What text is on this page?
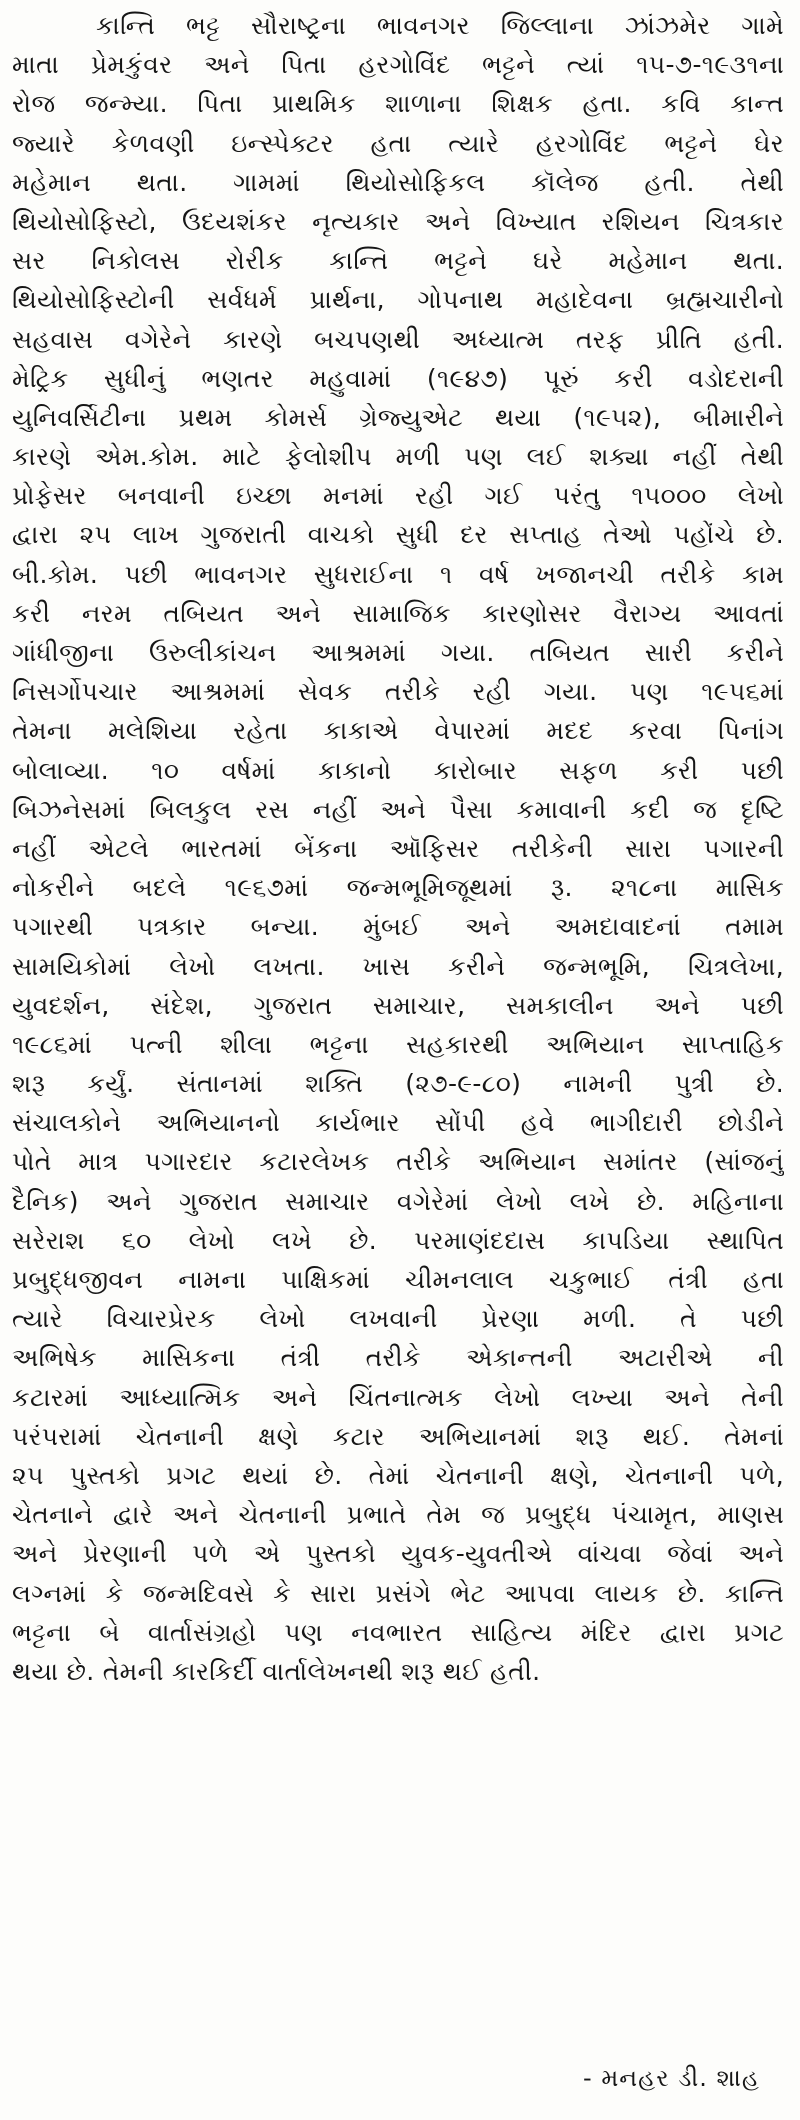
કાન્તિ ભટ્ટ સૌરાષ્ટ્રના ભાવનગર જિલ્લાના ઝાંઝમેર ગામે
માતા પ્રેમકુંવર અને પિતા હરગોવિંદ ભટ્ટને ત્યાં ૧૫-૭-૧૯૩૧ના
રોજ જન્મ્યા. પિતા પ્રાથમિક શાળાના શિક્ષક હતા. કવિ કાન્ત
જ્યારે કેળવણી ઇન્સ્પેક્ટર હતા ત્યારે હરગોવિંદ ભટ્ટને ઘેર
મહેમાન થતા. ગામમાં થિયોસોફિકલ કૉલેજ હતી. તેથી
થિયોસોફિસ્ટો, ઉદયશંકર નૃત્યકાર અને વિખ્યાત રશિયન ચિત્રકાર
સર નિકોલસ રોરીક કાન્તિ ભટ્ટને ઘરે મહેમાન થતા.
થિયોસોફિસ્ટોની સર્વધર્મ પ્રાર્થના, ગોપનાથ મહાદેવના બ્રહ્મચારીનો
સહવાસ વગેરેને કારણે બચપણથી અધ્યાત્મ તરફ પ્રીતિ હતી.
મેટ્રિક સુધીનું ભણતર મહુવામાં (૧૯૪૭) પૂરું કરી વડોદરાની
યુનિવર્સિટીના પ્રથમ કોમર્સ ગ્રેજ્યુએટ થયા (૧૯૫૨), બીમારીને
કારણે એમ.કોમ. માટે ફેલોશીપ મળી પણ લઈ શક્યા નહીં તેથી
પ્રોફેસર બનવાની ઇચ્છા મનમાં રહી ગઈ પરંતુ ૧૫૦૦૦ લેખો
દ્વારા ૨૫ લાખ ગુજરાતી વાચકો સુધી દર સપ્તાહ તેઓ પહોંચે છે.
બી.કોમ. પછી ભાવનગર સુધરાઈના ૧ વર્ષ ખજાનચી તરીકે કામ
કરી નરમ તબિયત અને સામાજિક કારણોસર વૈરાગ્ય આવતાં
ગાંધીજીના ઉરુલીકાંચન આશ્રમમાં ગયા. તબિયત સારી કરીને
નિસર્ગોપચાર આશ્રમમાં સેવક તરીકે રહી ગયા. પણ ૧૯૫૬માં
તેમના મલેશિયા રહેતા કાકાએ વેપારમાં મદદ કરવા પિનાંગ
બોલાવ્યા. ૧૦ વર્ષમાં કાકાનો કારોબાર સફળ કરી પછી
બિઝનેસમાં બિલકુલ રસ નહીં અને પૈસા કમાવાની કદી જ દૃષ્ટિ
નહીં એટલે ભારતમાં બેંકના ઑફિસર તરીકેની સારા પગારની
નોકરીને બદલે ૧૯૬૭માં જન્મભૂમિજૂથમાં રૂ. ૨૧૮ના માસિક
પગારથી પત્રકાર બન્યા. મુંબઈ અને અમદાવાદનાં તમામ
સામયિકોમાં લેખો લખતા. ખાસ કરીને જન્મભૂમિ, ચિત્રલેખા,
યુવદર્શન, સંદેશ, ગુજરાત સમાચાર, સમકાલીન અને પછી
૧૯૮૬માં પત્ની શીલા ભટ્ટના સહકારથી અભિયાન સાપ્તાહિક
શરૂ કર્યું. સંતાનમાં શક્તિ (૨૭-૯-૮૦) નામની પુત્રી છે.
સંચાલકોને અભિયાનનો કાર્યભાર સોંપી હવે ભાગીદારી છોડીને
પોતે માત્ર પગારદાર કટારલેખક તરીકે અભિયાન સમાંતર (સાંજનું
દૈનિક) અને ગુજરાત સમાચાર વગેરેમાં લેખો લખે છે. મહિનાના
સરેરાશ ૬૦ લેખો લખે છે. પરમાણંદદાસ કાપડિયા સ્થાપિત
પ્રબુદ્ધજીવન નામના પાક્ષિકમાં ચીમનલાલ ચકુભાઈ તંત્રી હતા
ત્યારે વિચારપ્રેરક લેખો લખવાની પ્રેરણા મળી. તે પછી
અભિષેક માસિકના તંત્રી તરીકે એકાન્તની અટારીએ ની
કટારમાં આધ્યાત્મિક અને ચિંતનાત્મક લેખો લખ્યા અને તેની
પરંપરામાં ચેતનાની ક્ષણે કટાર અભિયાનમાં શરૂ થઈ. તેમનાં
૨૫ પુસ્તકો પ્રગટ થયાં છે. તેમાં ચેતનાની ક્ષણે, ચેતનાની પળે,
ચેતનાને દ્વારે અને ચેતનાની પ્રભાતે તેમ જ પ્રબુદ્ધ પંચામૃત, માણસ
અને પ્રેરણાની પળે એ પુસ્તકો યુવક-યુવતીએ વાંચવા જેવાં અને
લગ્નમાં કે જન્મદિવસે કે સારા પ્રસંગે ભેટ આપવા લાયક છે. કાન્તિ
ભટ્ટના બે વાર્તાસંગ્રહો પણ નવભારત સાહિત્ય મંદિર દ્વારા પ્રગટ
થયા છે. તેમની કારકિર્દી વાર્તાલેખનથી શરૂ થઈ હતી.
- મનહર ડી. શાહ
